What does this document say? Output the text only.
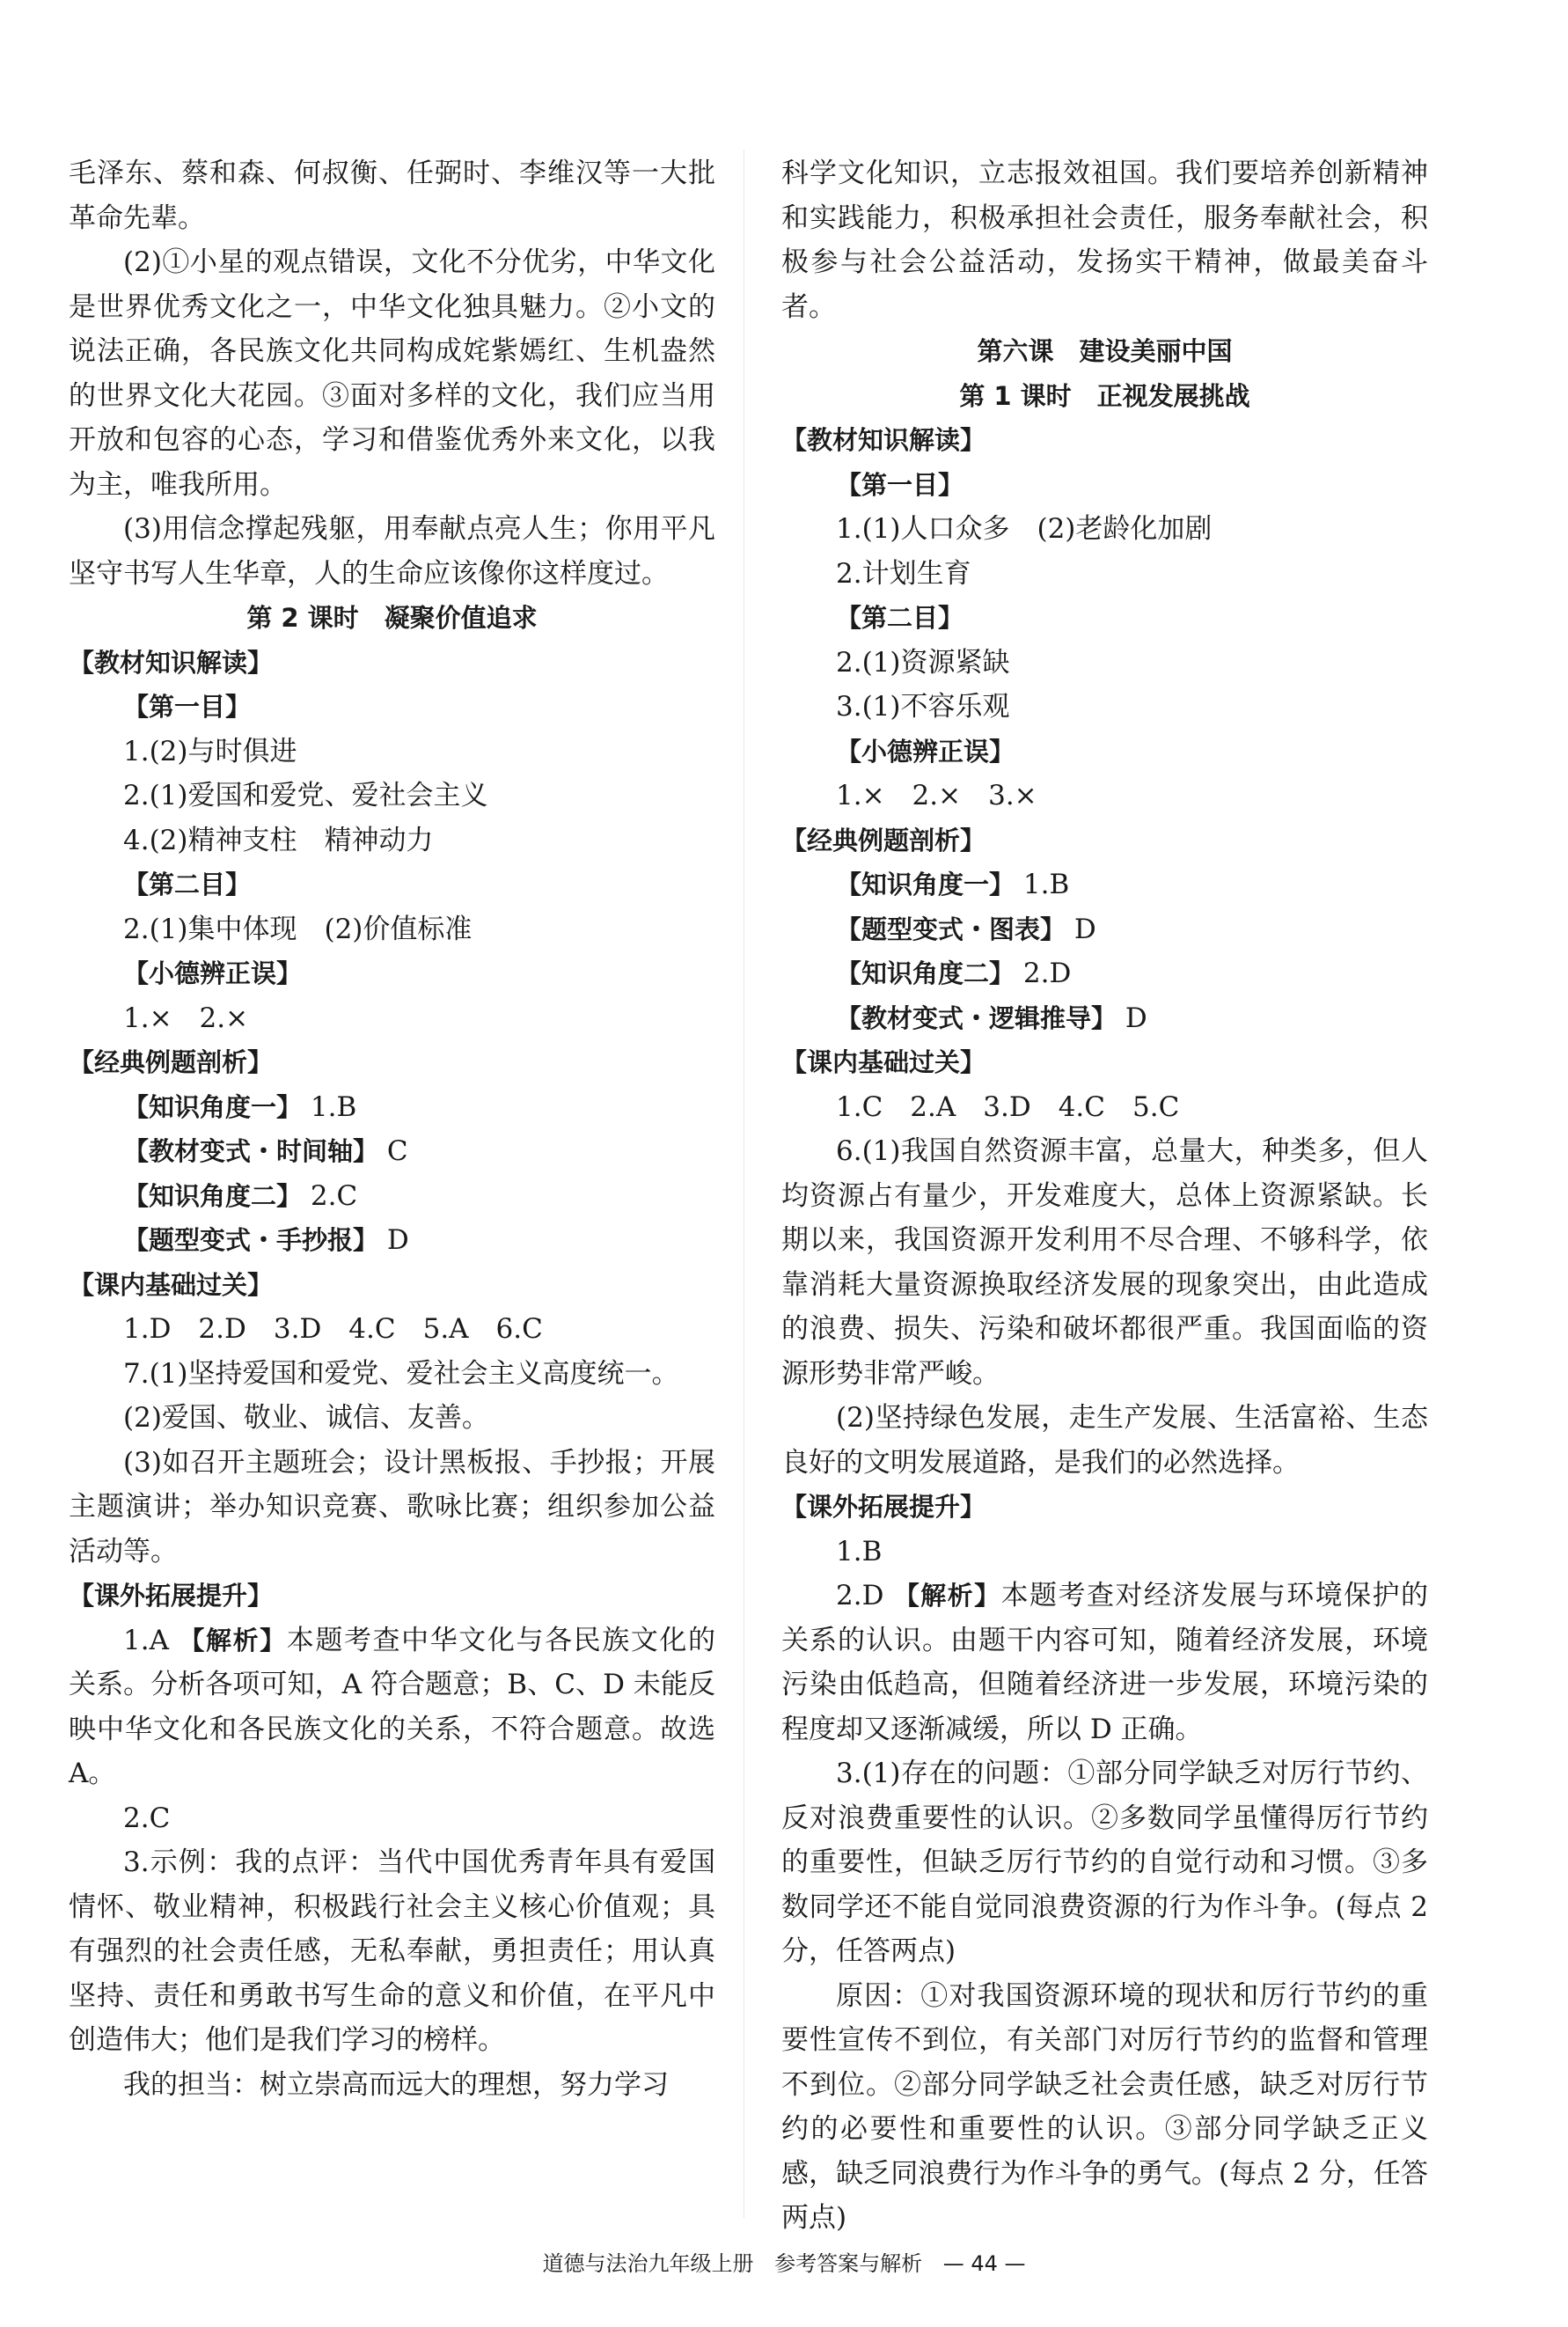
毛泽东、蔡和森、何叔衡、任弼时、李维汉等一大批革命先辈。

(2)①小星的观点错误，文化不分优劣，中华文化是世界优秀文化之一，中华文化独具魅力。②小文的说法正确，各民族文化共同构成姹紫嫣红、生机盎然的世界文化大花园。③面对多样的文化，我们应当用开放和包容的心态，学习和借鉴优秀外来文化，以我为主，唯我所用。

(3)用信念撑起残躯，用奉献点亮人生；你用平凡坚守书写人生华章，人的生命应该像你这样度过。

第 2 课时　凝聚价值追求

【教材知识解读】

【第一目】

1.(2)与时俱进

2.(1)爱国和爱党、爱社会主义

4.(2)精神支柱　精神动力

【第二目】

2.(1)集中体现　(2)价值标准

【小德辨正误】

1.×　2.×

【经典例题剖析】

【知识角度一】 1.B

【教材变式・时间轴】 C

【知识角度二】 2.C

【题型变式・手抄报】 D

【课内基础过关】

1.D　2.D　3.D　4.C　5.A　6.C

7.(1)坚持爱国和爱党、爱社会主义高度统一。

(2)爱国、敬业、诚信、友善。

(3)如召开主题班会；设计黑板报、手抄报；开展主题演讲；举办知识竞赛、歌咏比赛；组织参加公益活动等。

【课外拓展提升】

1.A 【解析】本题考查中华文化与各民族文化的关系。分析各项可知，A 符合题意；B、C、D 未能反映中华文化和各民族文化的关系，不符合题意。故选 A。

2.C

3.示例：我的点评：当代中国优秀青年具有爱国情怀、敬业精神，积极践行社会主义核心价值观；具有强烈的社会责任感，无私奉献，勇担责任；用认真坚持、责任和勇敢书写生命的意义和价值，在平凡中创造伟大；他们是我们学习的榜样。

我的担当：树立崇高而远大的理想，努力学习

科学文化知识，立志报效祖国。我们要培养创新精神和实践能力，积极承担社会责任，服务奉献社会，积极参与社会公益活动，发扬实干精神，做最美奋斗者。

第六课　建设美丽中国

第 1 课时　正视发展挑战

【教材知识解读】

【第一目】

1.(1)人口众多　(2)老龄化加剧

2.计划生育

【第二目】

2.(1)资源紧缺

3.(1)不容乐观

【小德辨正误】

1.×　2.×　3.×

【经典例题剖析】

【知识角度一】 1.B

【题型变式・图表】 D

【知识角度二】 2.D

【教材变式・逻辑推导】 D

【课内基础过关】

1.C　2.A　3.D　4.C　5.C

6.(1)我国自然资源丰富，总量大，种类多，但人均资源占有量少，开发难度大，总体上资源紧缺。长期以来，我国资源开发利用不尽合理、不够科学，依靠消耗大量资源换取经济发展的现象突出，由此造成的浪费、损失、污染和破坏都很严重。我国面临的资源形势非常严峻。

(2)坚持绿色发展，走生产发展、生活富裕、生态良好的文明发展道路，是我们的必然选择。

【课外拓展提升】

1.B

2.D 【解析】本题考查对经济发展与环境保护的关系的认识。由题干内容可知，随着经济发展，环境污染由低趋高，但随着经济进一步发展，环境污染的程度却又逐渐减缓，所以 D 正确。

3.(1)存在的问题：①部分同学缺乏对厉行节约、反对浪费重要性的认识。②多数同学虽懂得厉行节约的重要性，但缺乏厉行节约的自觉行动和习惯。③多数同学还不能自觉同浪费资源的行为作斗争。(每点 2 分，任答两点)

原因：①对我国资源环境的现状和厉行节约的重要性宣传不到位，有关部门对厉行节约的监督和管理不到位。②部分同学缺乏社会责任感，缺乏对厉行节约的必要性和重要性的认识。③部分同学缺乏正义感，缺乏同浪费行为作斗争的勇气。(每点 2 分，任答两点)

道德与法治九年级上册 参考答案与解析 — 44 —
